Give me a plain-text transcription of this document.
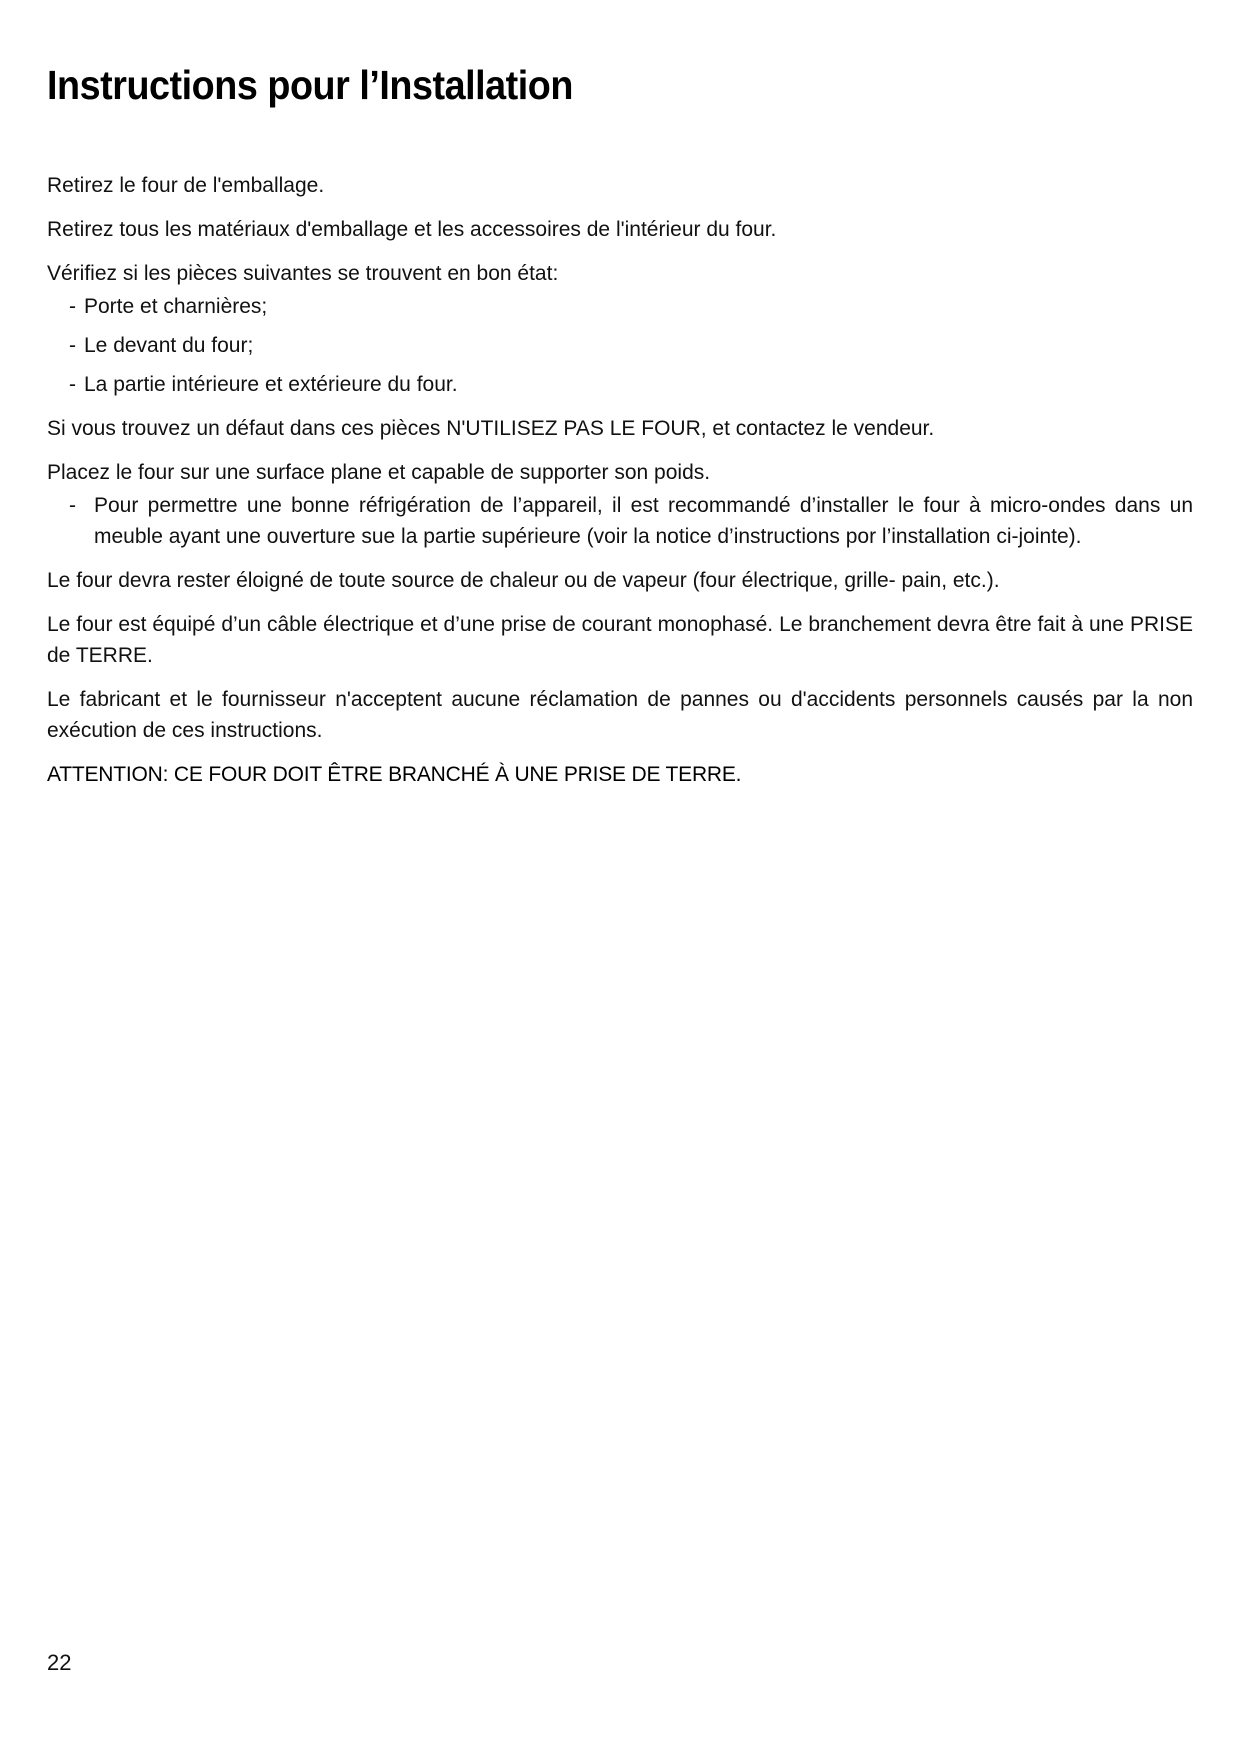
Instructions pour l’Installation

Retirez le four de l'emballage.

Retirez tous les matériaux d'emballage et les accessoires de l'intérieur du four.

Vérifiez si les pièces suivantes se trouvent en bon état:

- Porte et charnières;
- Le devant du four;
- La partie intérieure et extérieure du four.

Si vous trouvez un défaut dans ces pièces N'UTILISEZ PAS LE FOUR, et contactez le vendeur.

Placez le four sur une surface plane et capable de supporter son poids.

- Pour permettre une bonne réfrigération de l’appareil, il est recommandé d’installer le four à micro-ondes dans un meuble ayant une ouverture sue la partie supérieure (voir la notice d’instructions por l’installation ci-jointe).

Le four devra rester éloigné de toute source de chaleur ou de vapeur (four électrique, grille- pain, etc.).

Le four est équipé d’un câble électrique et d’une prise de courant monophasé. Le branchement devra être fait à une PRISE de TERRE.

Le fabricant et le fournisseur n'acceptent aucune réclamation de pannes ou d'accidents personnels causés par la non exécution de ces instructions.

ATTENTION: CE FOUR DOIT ÊTRE BRANCHÉ À UNE PRISE DE TERRE.

22
